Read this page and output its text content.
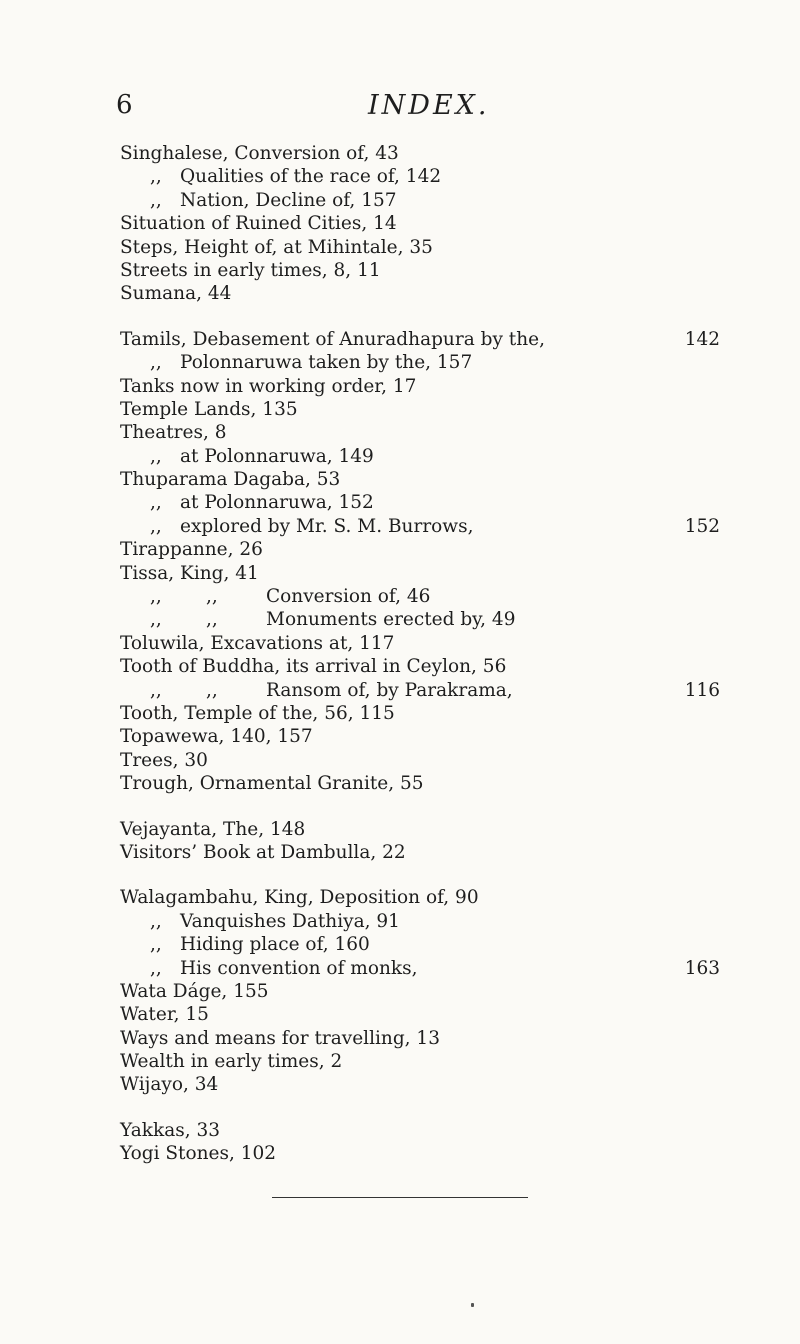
6	INDEX.
Singhalese, Conversion of, 43
,, Qualities of the race of, 142
,, Nation, Decline of, 157
Situation of Ruined Cities, 14
Steps, Height of, at Mihintale, 35
Streets in early times, 8, 11
Sumana, 44
Tamils, Debasement of Anuradhapura by the,	142
,, Polonnaruwa taken by the, 157
Tanks now in working order, 17
Temple Lands, 135
Theatres, 8
,, at Polonnaruwa, 149
Thuparama Dagaba, 53
,, at Polonnaruwa, 152
,, explored by Mr. S. M. Burrows,	152
Tirappanne, 26
Tissa, King, 41
,, ,,	Conversion of, 46
,, ,,	Monuments erected by, 49
Toluwila, Excavations at, 117
Tooth of Buddha, its arrival in Ceylon, 56
,, ,,	Ransom of, by Parakrama,	116
Tooth, Temple of the, 56, 115
Topawewa, 140, 157
Trees, 30
Trough, Ornamental Granite, 55
Vejayanta, The, 148
Visitors’ Book at Dambulla, 22
Walagambahu, King, Deposition of, 90
,, Vanquishes Dathiya, 91
,, Hiding place of, 160
,, His convention of monks,	163
Wata Dáge, 155
Water, 15
Ways and means for travelling, 13
Wealth in early times, 2
Wijayo, 34
Yakkas, 33
Yogi Stones, 102
